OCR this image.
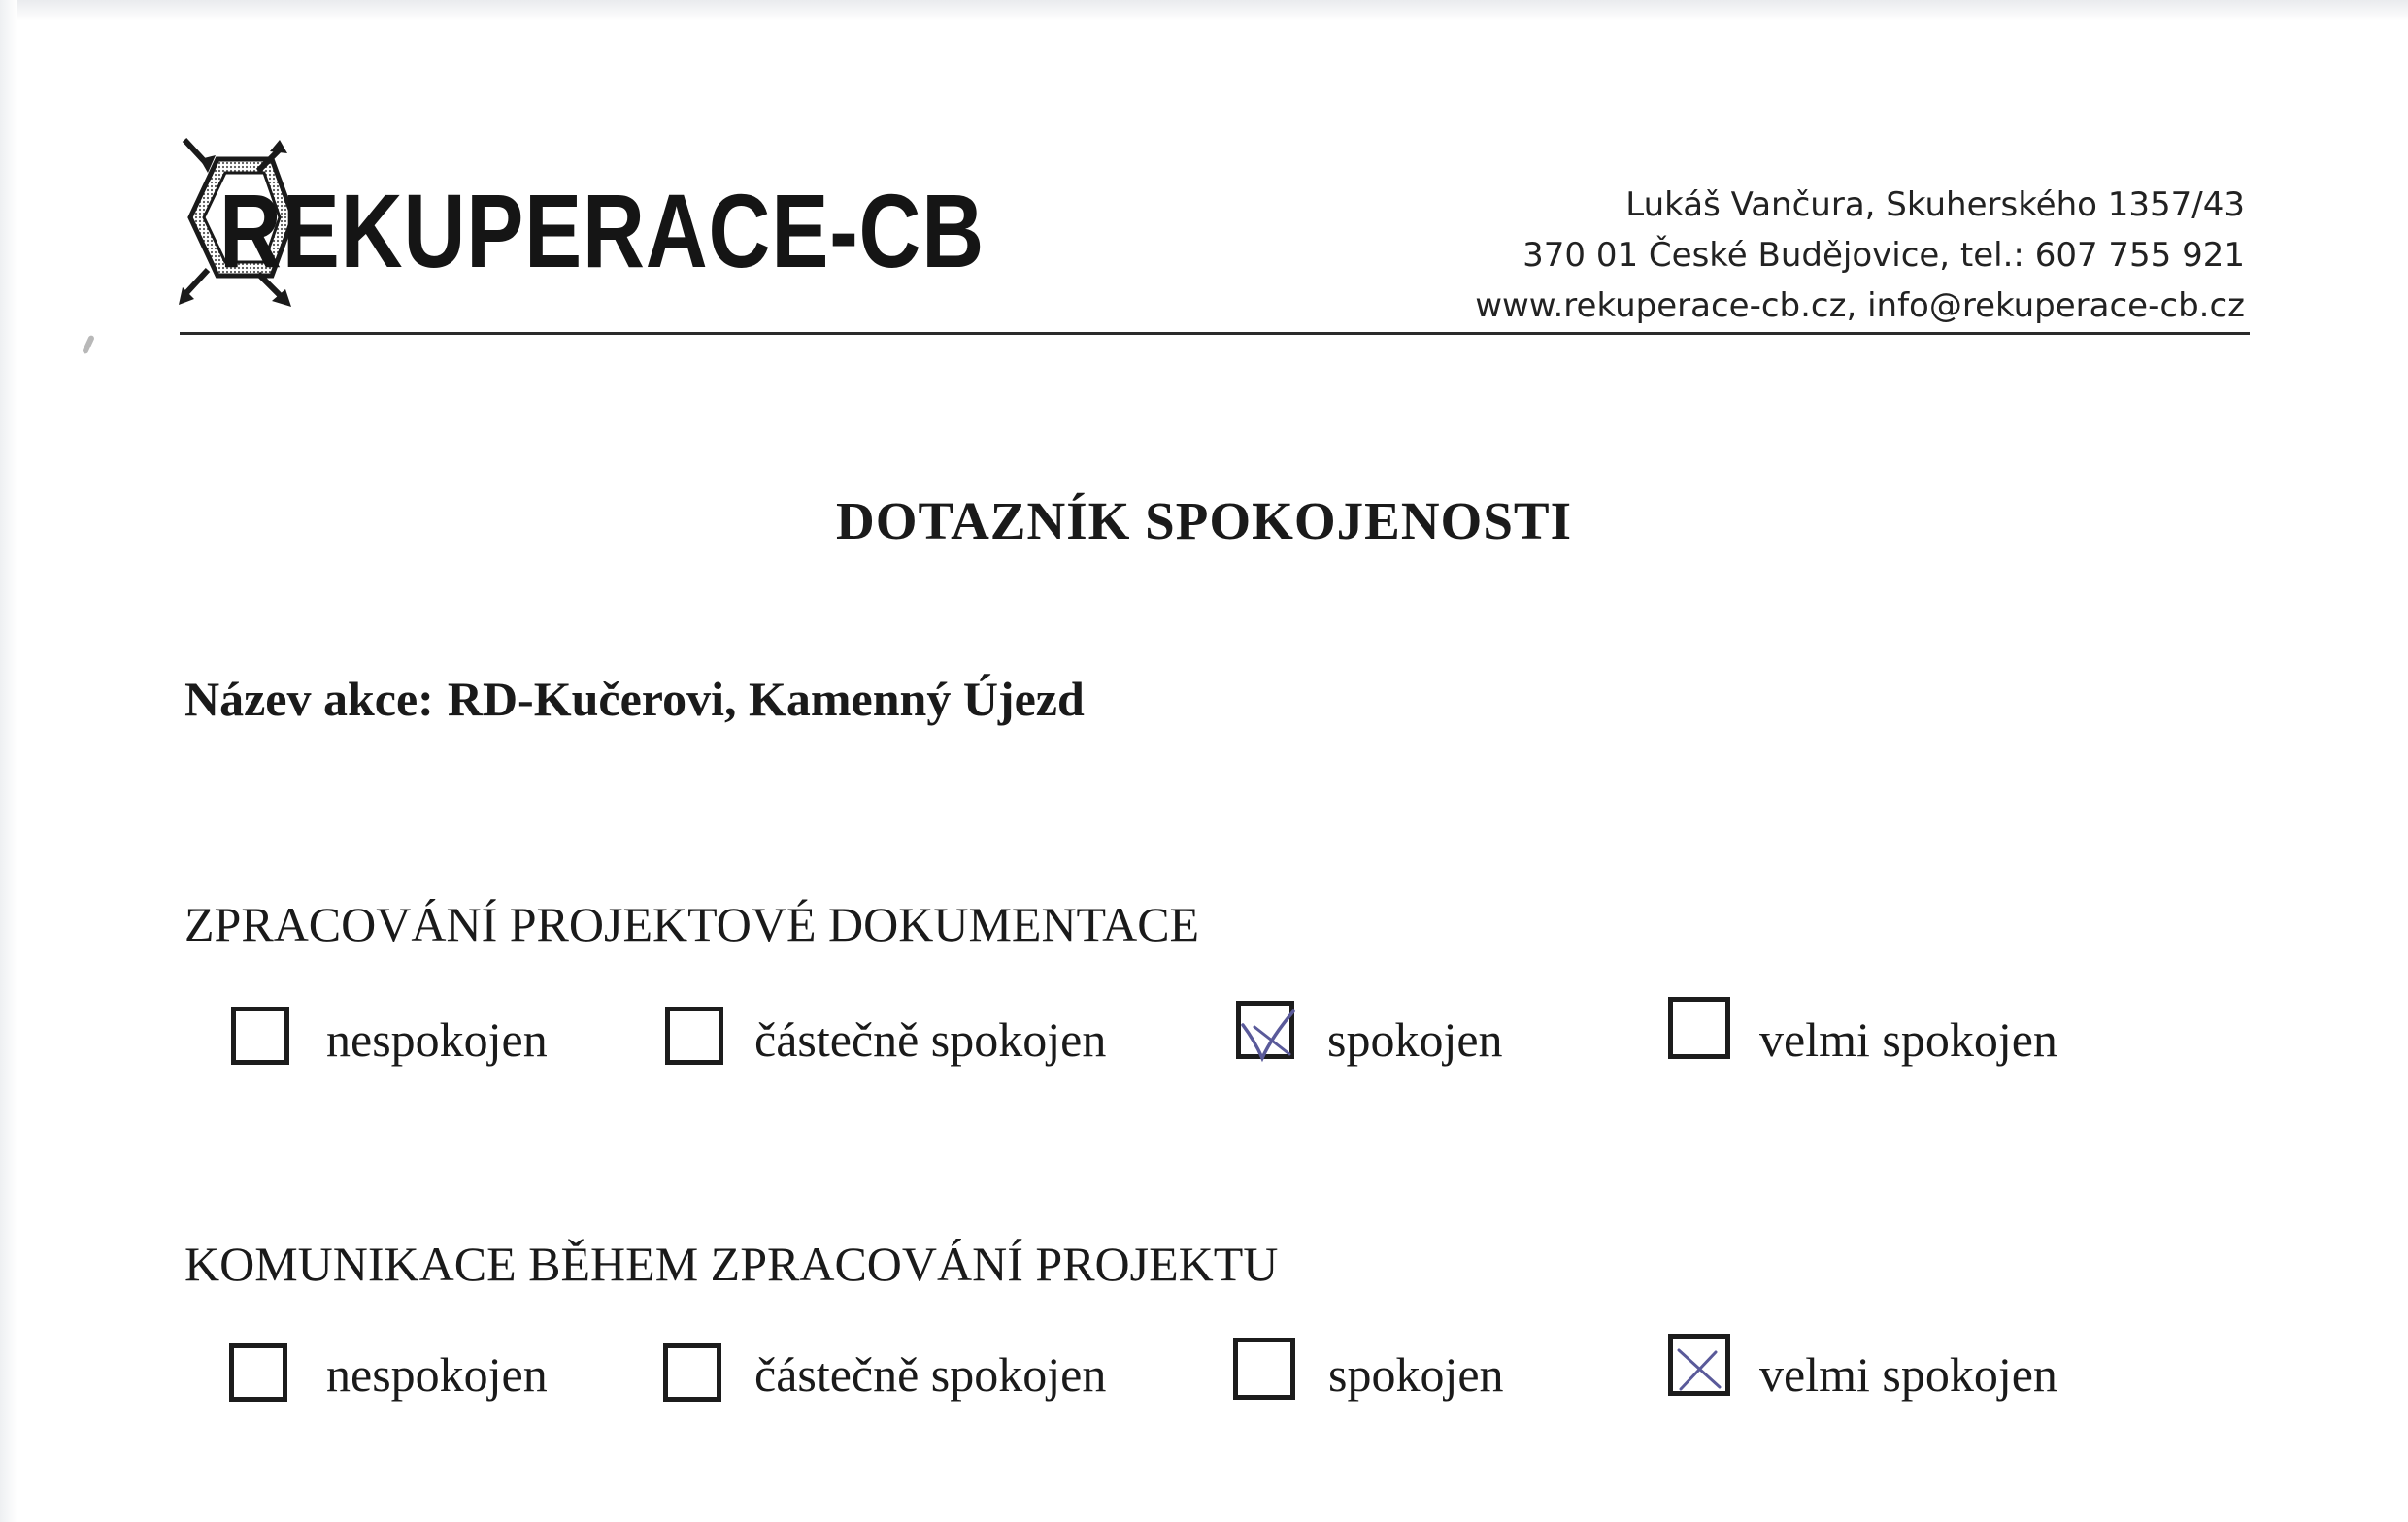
REKUPERACE-CB	Lukáš Vančura, Skuherského 1357/43
370 01 České Budějovice, tel.: 607 755 921
www.rekuperace-cb.cz, info@rekuperace-cb.cz
DOTAZNÍK SPOKOJENOSTI
Název akce: RD-Kučerovi, Kamenný Újezd
ZPRACOVÁNÍ PROJEKTOVÉ DOKUMENTACE
nespokojen	částečně spokojen	spokojen	velmi spokojen
KOMUNIKACE BĚHEM ZPRACOVÁNÍ PROJEKTU
nespokojen	částečně spokojen	spokojen	velmi spokojen
